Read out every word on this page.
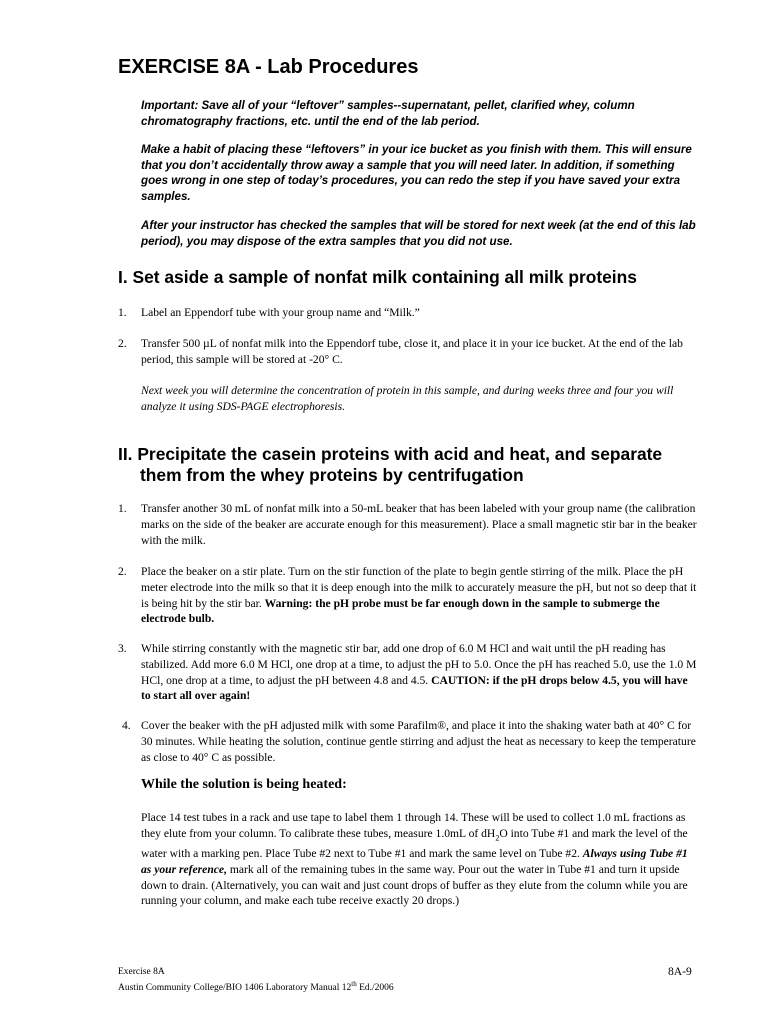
EXERCISE 8A - Lab Procedures

Important: Save all of your “leftover” samples--supernatant, pellet, clarified whey, column chromatography fractions, etc. until the end of the lab period.

Make a habit of placing these “leftovers” in your ice bucket as you finish with them. This will ensure that you don’t accidentally throw away a sample that you will need later. In addition, if something goes wrong in one step of today’s procedures, you can redo the step if you have saved your extra samples.

After your instructor has checked the samples that will be stored for next week (at the end of this lab period), you may dispose of the extra samples that you did not use.

I. Set aside a sample of nonfat milk containing all milk proteins
1. Label an Eppendorf tube with your group name and “Milk.”
2. Transfer 500 µL of nonfat milk into the Eppendorf tube, close it, and place it in your ice bucket. At the end of the lab period, this sample will be stored at -20° C.
Next week you will determine the concentration of protein in this sample, and during weeks three and four you will analyze it using SDS-PAGE electrophoresis.
II. Precipitate the casein proteins with acid and heat, and separate
them from the whey proteins by centrifugation
1. Transfer another 30 mL of nonfat milk into a 50-mL beaker that has been labeled with your group name (the calibration marks on the side of the beaker are accurate enough for this measurement). Place a small magnetic stir bar in the beaker with the milk.
2. Place the beaker on a stir plate. Turn on the stir function of the plate to begin gentle stirring of the milk. Place the pH meter electrode into the milk so that it is deep enough into the milk to accurately measure the pH, but not so deep that it is being hit by the stir bar. Warning: the pH probe must be far enough down in the sample to submerge the electrode bulb.
3. While stirring constantly with the magnetic stir bar, add one drop of 6.0 M HCl and wait until the pH reading has stabilized. Add more 6.0 M HCl, one drop at a time, to adjust the pH to 5.0. Once the pH has reached 5.0, use the 1.0 M HCl, one drop at a time, to adjust the pH between 4.8 and 4.5. CAUTION: if the pH drops below 4.5, you will have to start all over again!
4. Cover the beaker with the pH adjusted milk with some Parafilm®, and place it into the shaking water bath at 40° C for 30 minutes. While heating the solution, continue gentle stirring and adjust the heat as necessary to keep the temperature as close to 40° C as possible.
While the solution is being heated:
Place 14 test tubes in a rack and use tape to label them 1 through 14. These will be used to collect 1.0 mL fractions as they elute from your column. To calibrate these tubes, measure 1.0mL of $dH_2O$ into Tube #1 and mark the level of the water with a marking pen. Place Tube #2 next to Tube #1 and mark the same level on Tube #2. Always using Tube #1 as your reference, mark all of the remaining tubes in the same way. Pour out the water in Tube #1 and turn it upside down to drain. (Alternatively, you can wait and just count drops of buffer as they elute from the column while you are running your column, and make each tube receive exactly 20 drops.)
Exercise 8A
Austin Community College/BIO 1406 Laboratory Manual 12th Ed./2006
8A-9
